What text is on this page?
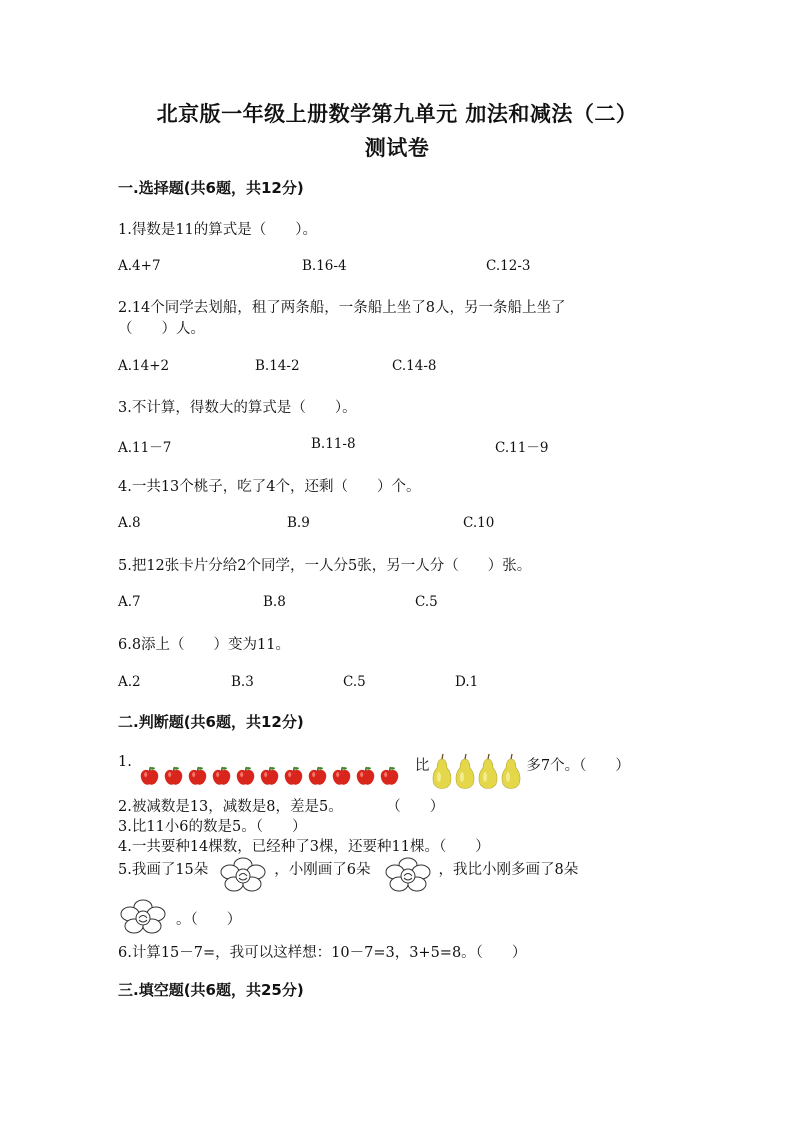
北京版一年级上册数学第九单元 加法和减法（二）
测试卷
一.选择题(共6题，共12分)
1.得数是11的算式是（　　）。
A.4+7	B.16-4	C.12-3
2.14个同学去划船，租了两条船，一条船上坐了8人，另一条船上坐了
（　　）人。
A.14+2	B.14-2	C.14-8
3.不计算，得数大的算式是（　　）。
A.11－7	B.11-8	C.11－9
4.一共13个桃子，吃了4个，还剩（　　）个。
A.8	B.9	C.10
5.把12张卡片分给2个同学，一人分5张，另一人分（　　）张。
A.7	B.8	C.5
6.8添上（　　）变为11。
A.2	B.3	C.5	D.1
二.判断题(共6题，共12分)
1.	比	多7个。（　　）
2.被减数是13，减数是8，差是5。　　　　（　　）
3.比11小6的数是5。（　　）
4.一共要种14棵数，已经种了3棵，还要种11棵。（　　）
5.我画了15朵	，小刚画了6朵	，我比小刚多画了8朵
。（　　）
6.计算15－7=，我可以这样想：10－7=3，3+5=8。（　　）
三.填空题(共6题，共25分)
